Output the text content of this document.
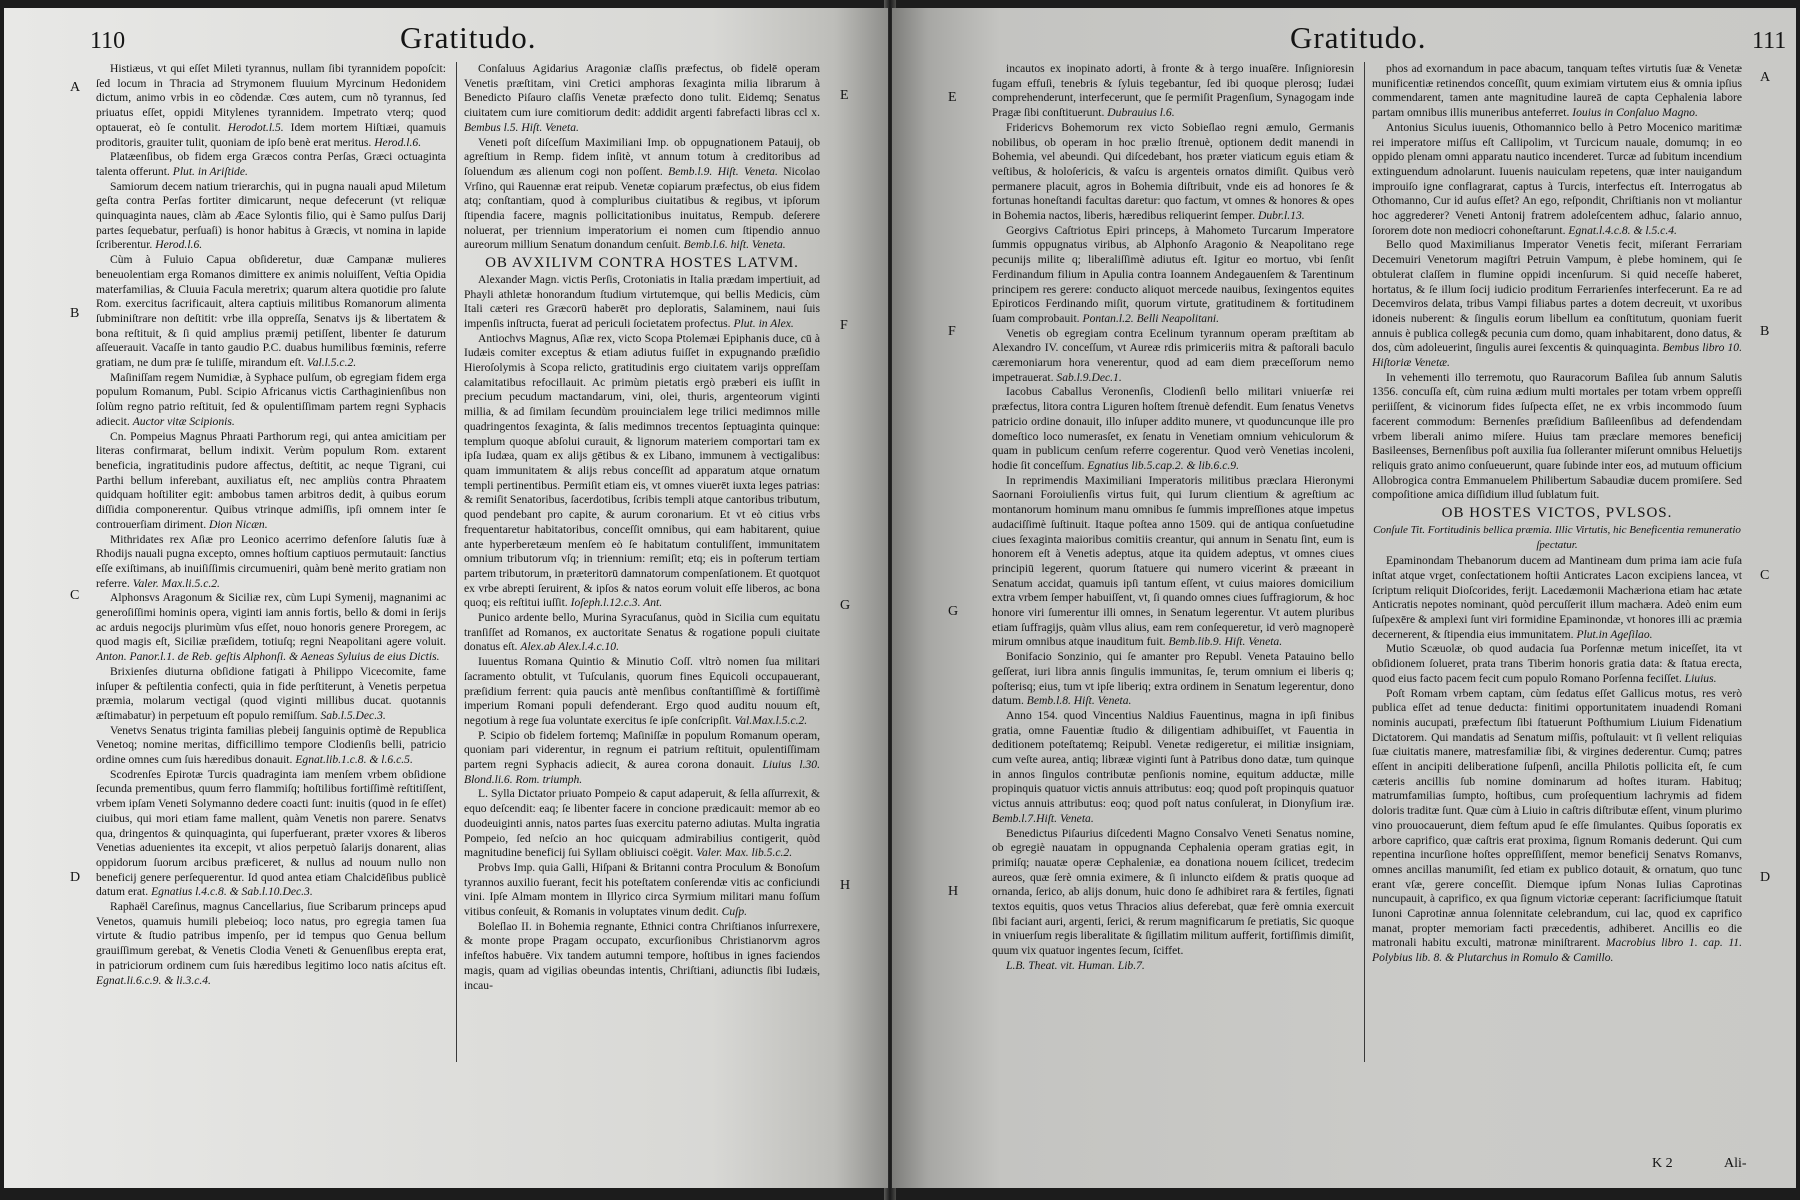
110	Gratitudo.
A
B
C
D
E
F
G
H

Histiæus, vt qui eſſet Mileti tyrannus, nullam ſibi tyrannidem popoſcit: ſed locum in Thracia ad Strymonem fluuium Myrcinum Hedonidem dictum, animo vrbis in eo cõdendæ. Cœs autem, cum nõ tyrannus, ſed priuatus eſſet, oppidi Mitylenes tyrannidem. Impetrato vterq; quod optauerat, eò ſe contulit. Herodot.l.5. Idem mortem Hiſtiæi, quamuis proditoris, grauiter tulit, quoniam de ipſo benè erat meritus. Herod.l.6.

Platæenſibus, ob fidem erga Græcos contra Perſas, Græci octuaginta talenta offerunt. Plut. in Ariſtide.

Samiorum decem natium trierarchis, qui in pugna nauali apud Miletum geſta contra Perſas fortiter dimicarunt, neque defecerunt (vt reliquæ quinquaginta naues, clàm ab Æace Sylontis filio, qui è Samo pulſus Darij partes ſequebatur, perſuaſi) is honor habitus à Græcis, vt nomina in lapide ſcriberentur. Herod.l.6.

Cùm à Fuluio Capua obſideretur, duæ Campanæ mulieres beneuolentiam erga Romanos dimittere ex animis noluiſſent, Veſtia Opidia materfamilias, & Cluuia Facula meretrix; quarum altera quotidie pro ſalute Rom. exercitus ſacrificauit, altera captiuis militibus Romanorum alimenta ſubminiſtrare non deſtitit: vrbe illa oppreſſa, Senatvs ijs & libertatem & bona reſtituit, & ſi quid amplius præmij petiſſent, libenter ſe daturum aſſeuerauit. Vacaſſe in tanto gaudio P.C. duabus humilibus fœminis, referre gratiam, ne dum præ ſe tuliſſe, mirandum eſt. Val.l.5.c.2.

Maſiniſſam regem Numidiæ, à Syphace pulſum, ob egregiam fidem erga populum Romanum, Publ. Scipio Africanus victis Carthaginienſibus non ſolùm regno patrio reſtituit, ſed & opulentiſſimam partem regni Syphacis adiecit. Auctor vitæ Scipionis.

Cn. Pompeius Magnus Phraati Parthorum regi, qui antea amicitiam per literas confirmarat, bellum indixit. Verùm populum Rom. extarent beneficia, ingratitudinis pudore affectus, deſtitit, ac neque Tigrani, cui Parthi bellum inferebant, auxiliatus eſt, nec ampliùs contra Phraatem quidquam hoſtiliter egit: ambobus tamen arbitros dedit, à quibus eorum diſſidia componerentur. Quibus vtrinque admiſſis, ipſi omnem inter ſe controuerſiam diriment. Dion Nicæn.

Mithridates rex Aſiæ pro Leonico acerrimo defenſore ſalutis ſuæ à Rhodijs nauali pugna excepto, omnes hoſtium captiuos permutauit: ſanctius eſſe exiſtimans, ab inuiſiſſimis circumueniri, quàm benè merito gratiam non referre. Valer. Max.li.5.c.2.

Alphonsvs Aragonum & Siciliæ rex, cùm Lupi Symenij, magnanimi ac generoſiſſimi hominis opera, viginti iam annis fortis, bello & domi in ſerijs ac arduis negocijs plurimùm vſus eſſet, nouo honoris genere Proregem, ac quod magis eſt, Siciliæ præſidem, totiuſq; regni Neapolitani agere voluit. Anton. Panor.l.1. de Reb. geſtis Alphonſi. & Aeneas Syluius de eius Dictis.

Brixienſes diuturna obſidione fatigati à Philippo Vicecomite, fame inſuper & peſtilentia confecti, quia in fide perſtiterunt, à Venetis perpetua præmia, molarum vectigal (quod viginti millibus ducat. quotannis æſtimabatur) in perpetuum eſt populo remiſſum. Sab.l.5.Dec.3.

Venetvs Senatus triginta familias plebeij ſanguinis optimè de Republica Venetoq; nomine meritas, difficillimo tempore Clodienſis belli, patricio ordine omnes cum ſuis hæredibus donauit. Egnat.lib.1.c.8. & l.6.c.5.

Scodrenſes Epirotæ Turcis quadraginta iam menſem vrbem obſidione ſecunda prementibus, quum ferro flammiſq; hoſtilibus fortiſſimè reſtitiſſent, vrbem ipſam Veneti Solymanno dedere coacti ſunt: inuitis (quod in ſe eſſet) ciuibus, qui mori etiam fame mallent, quàm Venetis non parere. Senatvs qua, dringentos & quinquaginta, qui ſuperfuerant, præter vxores & liberos Venetias aduenientes ita excepit, vt alios perpetuò ſalarijs donarent, alias oppidorum ſuorum arcibus præficeret, & nullus ad nouum nullo non beneficij genere perſequerentur. Id quod antea etiam Chalcidēſibus publicè datum erat. Egnatius l.4.c.8. & Sab.l.10.Dec.3.

Raphaël Careſinus, magnus Cancellarius, ſiue Scribarum princeps apud Venetos, quamuis humili plebeioq; loco natus, pro egregia tamen ſua virtute & ſtudio patribus impenſo, per id tempus quo Genua bellum grauiſſimum gerebat, & Venetis Clodia Veneti & Genuenſibus erepta erat, in patriciorum ordinem cum ſuis hæredibus legitimo loco natis aſcitus eſt. Egnat.li.6.c.9. & li.3.c.4.

Conſaluus Agidarius Aragoniæ claſſis præfectus, ob fidelē operam Venetis præſtitam, vini Cretici amphoras ſexaginta milia librarum à Benedicto Piſauro claſſis Venetæ præfecto dono tulit. Eidemq; Senatus ciuitatem cum iure comitiorum dedit: addidit argenti fabrefacti libras ccl x. Bembus l.5. Hiſt. Veneta.

Veneti poſt diſceſſum Maximiliani Imp. ob oppugnationem Patauij, ob agreſtium in Remp. fidem inſitè, vt annum totum à creditoribus ad ſoluendum æs alienum cogi non poſſent. Bemb.l.9. Hiſt. Veneta. Nicolao Vrſino, qui Rauennæ erat reipub. Venetæ copiarum præfectus, ob eius fidem atq; conſtantiam, quod à compluribus ciuitatibus & regibus, vt ipſorum ſtipendia facere, magnis pollicitationibus inuitatus, Rempub. deſerere noluerat, per triennium imperatorium ei nomen cum ſtipendio annuo aureorum millium Senatum donandum cenſuit. Bemb.l.6. hiſt. Veneta.

OB AVXILIVM CONTRA HOSTES LATVM.

Alexander Magn. victis Perſis, Crotoniatis in Italia prædam impertiuit, ad Phayli athletæ honorandum ſtudium virtutemque, qui bellis Medicis, cùm Itali cæteri res Græcorū haberēt pro deploratis, Salaminem, naui ſuis impenſis inſtructa, fuerat ad periculi ſocietatem profectus. Plut. in Alex.

Antiochvs Magnus, Aſiæ rex, victo Scopa Ptolemæi Epiphanis duce, cū à Iudæis comiter exceptus & etiam adiutus fuiſſet in expugnando præſidio Hieroſolymis à Scopa relicto, gratitudinis ergo ciuitatem varijs oppreſſam calamitatibus refocillauit. Ac primùm pietatis ergò præberi eis iuſſit in precium pecudum mactandarum, vini, olei, thuris, argenteorum viginti millia, & ad ſimilam ſecundùm prouincialem lege trilici medimnos mille quadringentos ſexaginta, & ſalis medimnos trecentos ſeptuaginta quinque: templum quoque abſolui curauit, & lignorum materiem comportari tam ex ipſa Iudæa, quam ex alijs gētibus & ex Libano, immunem à vectigalibus: quam immunitatem & alijs rebus conceſſit ad apparatum atque ornatum templi pertinentibus. Permiſit etiam eis, vt omnes viuerēt iuxta leges patrias: & remiſit Senatoribus, ſacerdotibus, ſcribis templi atque cantoribus tributum, quod pendebant pro capite, & aurum coronarium. Et vt eò citius vrbs frequentaretur habitatoribus, conceſſit omnibus, qui eam habitarent, quiue ante hyperberetæum menſem eò ſe habitatum contuliſſent, immunitatem omnium tributorum vſq; in triennium: remiſit; etq; eis in poſterum tertiam partem tributorum, in præteritorū damnatorum compenſationem. Et quotquot ex vrbe abrepti ſeruirent, & ipſos & natos eorum voluit eſſe liberos, ac bona quoq; eis reſtitui iuſſit. Ioſeph.l.12.c.3. Ant.

Punico ardente bello, Murina Syracuſanus, quòd in Sicilia cum equitatu tranſiſſet ad Romanos, ex auctoritate Senatus & rogatione populi ciuitate donatus eſt. Alex.ab Alex.l.4.c.10.

Iuuentus Romana Quintio & Minutio Coſſ. vltrò nomen ſua militari ſacramento obtulit, vt Tuſculanis, quorum fines Equicoli occupauerant, præſidium ferrent: quia paucis antè menſibus conſtantiſſimè & fortiſſimè imperium Romani populi defenderant. Ergo quod auditu nouum eſt, negotium à rege ſua voluntate exercitus ſe ipſe conſcripſit. Val.Max.l.5.c.2.

P. Scipio ob fidelem fortemq; Maſiniſſæ in populum Romanum operam, quoniam pari viderentur, in regnum ei patrium reſtituit, opulentiſſimam partem regni Syphacis adiecit, & aurea corona donauit. Liuius l.30. Blond.li.6. Rom. triumph.

L. Sylla Dictator priuato Pompeio & caput adaperuit, & ſella aſſurrexit, & equo deſcendit: eaq; ſe libenter facere in concione prædicauit: memor ab eo duodeuiginti annis, natos partes ſuas exercitu paterno adiutas. Multa ingratia Pompeio, ſed neſcio an hoc quicquam admirabilius contigerit, quòd magnitudine beneficij ſui Syllam obliuisci coëgit. Valer. Max. lib.5.c.2.

Probvs Imp. quia Galli, Hiſpani & Britanni contra Proculum & Bonoſum tyrannos auxilio fuerant, fecit his poteſtatem conſerendæ vitis ac conficiundi vini. Ipſe Almam montem in Illyrico circa Syrmium militari manu foſſum vitibus conſeuit, & Romanis in voluptates vinum dedit. Cuſp.

Boleſlao II. in Bohemia regnante, Ethnici contra Chriſtianos inſurrexere, & monte prope Pragam occupato, excurſionibus Christianorvm agros infeſtos habuēre. Vix tandem autumni tempore, hoſtibus in ignes faciendos magis, quam ad vigilias obeundas intentis, Chriſtiani, adiunctis ſibi Iudæis, incau-

Gratitudo.	111
E
F
G
H
A
B
C
D

incautos ex inopinato adorti, à fronte & à tergo inuaſēre. Inſignioresin fugam effuſi, tenebris & ſyluis tegebantur, ſed ibi quoque plerosq; Iudæi comprehenderunt, interfecerunt, que ſe permiſit Pragenſium, Synagogam inde Pragæ ſibi conſtituerunt. Dubrauius l.6.

Fridericvs Bohemorum rex victo Sobieſlao regni æmulo, Germanis nobilibus, ob operam in hoc prælio ſtrenuè, optionem dedit manendi in Bohemia, vel abeundi. Qui diſcedebant, hos præter viaticum eguis etiam & veſtibus, & holoſericis, & vaſcu is argenteis ornatos dimiſit. Quibus verò permanere placuit, agros in Bohemia diſtribuit, vnde eis ad honores ſe & fortunas honeſtandi facultas daretur: quo factum, vt omnes & honores & opes in Bohemia nactos, liberis, hæredibus reliquerint ſemper. Dubr.l.13.

Georgivs Caſtriotus Epiri princeps, à Mahometo Turcarum Imperatore ſummis oppugnatus viribus, ab Alphonſo Aragonio & Neapolitano rege pecunijs milite q; liberaliſſimè adiutus eſt. Igitur eo mortuo, vbi ſenſit Ferdinandum filium in Apulia contra Ioannem Andegauenſem & Tarentinum principem res gerere: conducto aliquot mercede nauibus, ſexingentos equites Epiroticos Ferdinando miſit, quorum virtute, gratitudinem & fortitudinem ſuam comprobauit. Pontan.l.2. Belli Neapolitani.

Venetis ob egregiam contra Ecelinum tyrannum operam præſtitam ab Alexandro IV. conceſſum, vt Aureæ rdis primiceriis mitra & paſtorali baculo cæremoniarum hora venerentur, quod ad eam diem præceſſorum nemo impetrauerat. Sab.l.9.Dec.1.

Iacobus Caballus Veronenſis, Clodienſi bello militari vniuerſæ rei præfectus, litora contra Liguren hoſtem ſtrenuè defendit. Eum ſenatus Venetvs patricio ordine donauit, illo inſuper addito munere, vt quoduncunque ille pro domeſtico loco numerasſet, ex ſenatu in Venetiam omnium vehiculorum & quam in publicum cenſum referre cogerentur. Quod verò Venetias incoleni, hodie ſit conceſſum. Egnatius lib.5.cap.2. & lib.6.c.9.

In reprimendis Maximiliani Imperatoris militibus præclara Hieronymi Saornani Foroiulienſis virtus fuit, qui Iurum clientium & agreſtium ac montanorum hominum manu omnibus ſe ſummis impreſſiones atque impetus audaciſſimè ſuſtinuit. Itaque poſtea anno 1509. qui de antiqua conſuetudine ciues ſexaginta maioribus comitiis creantur, qui annum in Senatu ſint, eum is honorem eſt à Venetis adeptus, atque ita quidem adeptus, vt omnes ciues principiū legerent, quorum ſtatuere qui numero vicerint & præeant in Senatum accidat, quamuis ipſi tantum eſſent, vt cuius maiores domicilium extra vrbem ſemper habuiſſent, vt, ſi quando omnes ciues ſuffragiorum, & hoc honore viri ſumerentur illi omnes, in Senatum legerentur. Vt autem pluribus etiam ſuffragijs, quàm vllus alius, eam rem conſequeretur, id verò magnoperè mirum omnibus atque inauditum fuit. Bemb.lib.9. Hiſt. Veneta.

Bonifacio Sonzinio, qui ſe amanter pro Republ. Veneta Patauino bello geſſerat, iuri libra annis ſingulis immunitas, ſe, terum omnium ei liberis q; poſterisq; eius, tum vt ipſe liberiq; extra ordinem in Senatum legerentur, dono datum. Bemb.l.8. Hiſt. Veneta.

Anno 154. quod Vincentius Naldius Fauentinus, magna in ipſi finibus gratia, omne Fauentiæ ſtudio & diligentiam adhibuiſſet, vt Fauentia in deditionem poteſtatemq; Reipubl. Venetæ redigeretur, ei militiæ insigniam, cum veſte aurea, antiq; librææ viginti ſunt à Patribus dono datæ, tum quinque in annos ſingulos contributæ penſionis nomine, equitum adductæ, mille propinquis quatuor victis annuis attributus: eoq; quod poſt propinquis quatuor victus annuis attributus: eoq; quod poſt natus conſulerat, in Dionyſium iræ. Bemb.l.7.Hiſt. Veneta.

Benedictus Piſaurius diſcedenti Magno Consalvo Veneti Senatus nomine, ob egregiè nauatam in oppugnanda Cephalenia operam gratias egit, in primiſq; nauatæ operæ Cephaleniæ, ea donationa nouem ſcilicet, tredecim aureos, quæ ſerè omnia eximere, & ſi inluncto eiſdem & pratis quoque ad ornanda, ſerico, ab alijs donum, huic dono ſe adhibiret rara & fertiles, ſignati textos equitis, quos vetus Thracios alius deferebat, quæ ferè omnia exercuit ſibi faciant auri, argenti, ſerici, & rerum magnificarum ſe pretiatis, Sic quoque in vniuerſum regis liberalitate & ſigillatim militum aufferit, fortiſſimis dimiſit, quum vix quatuor ingentes ſecum, ſciffet.

L.B. Theat. vit. Human. Lib.7.

phos ad exornandum in pace abacum, tanquam teſtes virtutis ſuæ & Venetæ munificentiæ retinendos conceſſit, quum eximiam virtutem eius & omnia ipſius commendarent, tamen ante magnitudine laureā de capta Cephalenia labore partam omnibus illis muneribus anteferret. Iouius in Conſaluo Magno.

Antonius Siculus iuuenis, Othomannico bello à Petro Mocenico maritimæ rei imperatore miſſus eſt Callipolim, vt Turcicum nauale, domumq; in eo oppido plenam omni apparatu nautico incenderet. Turcæ ad ſubitum incendium extinguendum adnolarunt. Iuuenis nauiculam repetens, quæ inter nauigandum improuiſo igne conflagrarat, captus à Turcis, interfectus eſt. Interrogatus ab Othomanno, Cur id auſus eſſet? An ego, reſpondit, Chriſtianis non vt moliantur hoc aggrederer? Veneti Antonij fratrem adoleſcentem adhuc, ſalario annuo, ſororem dote non mediocri cohoneſtarunt. Egnat.l.4.c.8. & l.5.c.4.

Bello quod Maximilianus Imperator Venetis fecit, miſerant Ferrariam Decemuiri Venetorum magiſtri Petruin Vampum, è plebe hominem, qui ſe obtulerat claſſem in flumine oppidi incenſurum. Si quid neceſſe haberet, hortatus, & ſe illum ſocij iudicio proditum Ferrarienſes interfecerunt. Ea re ad Decemviros delata, tribus Vampi filiabus partes a dotem decreuit, vt uxoribus idoneis nuberent: & ſingulis eorum libellum ea conſtitutum, quoniam fuerit annuis è publica colleg& pecunia cum domo, quam inhabitarent, dono datus, & dos, cùm adoleuerint, ſingulis aurei ſexcentis & quinquaginta. Bembus libro 10. Hiſtoriæ Venetæ.

In vehementi illo terremotu, quo Rauracorum Baſilea ſub annum Salutis 1356. concuſſa eſt, cùm ruina ædium multi mortales per totam vrbem oppreſſi periiſſent, & vicinorum fides ſuſpecta eſſet, ne ex vrbis incommodo ſuum facerent commodum: Bernenſes præſidium Baſileenſibus ad defendendam vrbem liberali animo miſere. Huius tam præclare memores beneficij Basileenses, Bernenſibus poſt auxilia ſua ſolleranter miſerunt omnibus Heluetijs reliquis grato animo conſueuerunt, quare ſubinde inter eos, ad mutuum officium Allobrogica contra Emmanuelem Philibertum Sabaudiæ ducem promiſere. Sed compoſitione amica diſſidium illud ſublatum fuit.

OB HOSTES VICTOS, PVLSOS.

Conſule Tit. Fortitudinis bellica præmia. Illic Virtutis, hic Beneficentia remuneratio ſpectatur.

Epaminondam Thebanorum ducem ad Mantineam dum prima iam acie fuſa inſtat atque vrget, conſectationem hoſtii Anticrates Lacon excipiens lancea, vt ſcriptum reliquit Dioſcorides, ferijt. Lacedæmonii Machæriona etiam hac ætate Anticratis nepotes nominant, quòd percuſſerit illum machæra. Adeò enim eum ſuſpexēre & amplexi ſunt viri formidine Epaminondæ, vt honores illi ac præmia decernerent, & ſtipendia eius immunitatem. Plut.in Ageſilao.

Mutio Scæuolæ, ob quod audacia ſua Porſennæ metum iniceſſet, ita vt obſidionem ſolueret, prata trans Tiberim honoris gratia data: & ſtatua erecta, quod eius facto pacem fecit cum populo Romano Porſenna feciſſet. Liuius.

Poſt Romam vrbem captam, cùm ſedatus eſſet Gallicus motus, res verò publica eſſet ad tenue deducta: finitimi opportunitatem inuadendi Romani nominis aucupati, præfectum ſibi ſtatuerunt Poſthumium Liuium Fidenatium Dictatorem. Qui mandatis ad Senatum miſſis, poſtulauit: vt ſi vellent reliquias ſuæ ciuitatis manere, matresfamiliæ ſibi, & virgines dederentur. Cumq; patres eſſent in ancipiti deliberatione ſuſpenſi, ancilla Philotis pollicita eſt, ſe cum cæteris ancillis ſub nomine dominarum ad hoſtes ituram. Habituq; matrumfamilias ſumpto, hoſtibus, cum proſequentium lachrymis ad fidem doloris traditæ ſunt. Quæ cùm à Liuio in caſtris diſtributæ eſſent, vinum plurimo vino prouocauerunt, diem feſtum apud ſe eſſe ſimulantes. Quibus ſoporatis ex arbore caprifico, quæ caſtris erat proxima, ſignum Romanis dederunt. Qui cum repentina incurſione hoſtes oppreſſiſſent, memor beneficij Senatvs Romanvs, omnes ancillas manumiſit, ſed etiam ex publico dotauit, & ornatum, quo tunc erant vſæ, gerere conceſſit. Diemque ipſum Nonas Iulias Caprotinas nuncupauit, à caprifico, ex qua ſignum victoriæ ceperant: ſacrificiumque ſtatuit Iunoni Caprotinæ annua ſolennitate celebrandum, cui lac, quod ex caprifico manat, propter memoriam facti præcedentis, adhiberet. Ancillis eo die matronali habitu exculti, matronæ miniſtrarent. Macrobius libro 1. cap. 11. Polybius lib. 8. & Plutarchus in Romulo & Camillo.

K 2	Ali-
